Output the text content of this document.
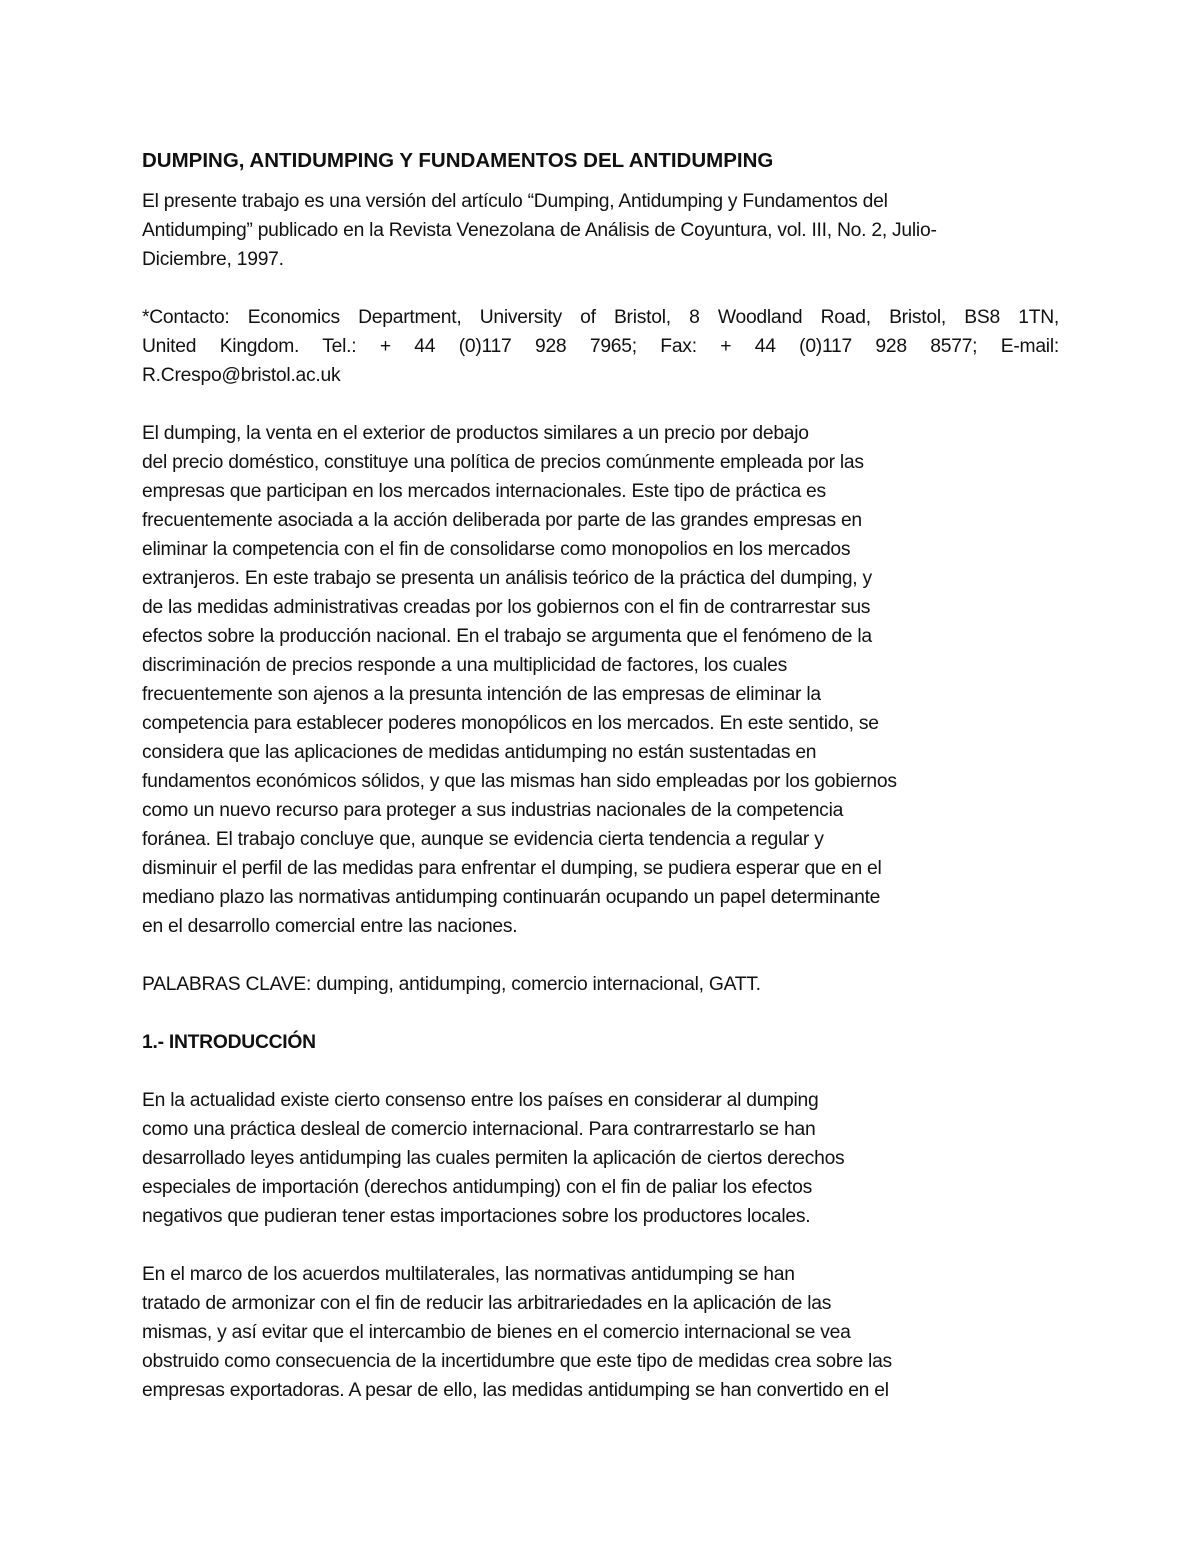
DUMPING, ANTIDUMPING Y FUNDAMENTOS DEL ANTIDUMPING

El presente trabajo es una versión del artículo “Dumping, Antidumping y Fundamentos del
Antidumping” publicado en la Revista Venezolana de Análisis de Coyuntura, vol. III, No. 2, Julio-
Diciembre, 1997.

*Contacto: Economics Department, University of Bristol, 8 Woodland Road, Bristol, BS8 1TN,
United Kingdom. Tel.: + 44 (0)117 928 7965; Fax: + 44 (0)117 928 8577; E-mail:
R.Crespo@bristol.ac.uk

El dumping, la venta en el exterior de productos similares a un precio por debajo
del precio doméstico, constituye una política de precios comúnmente empleada por las
empresas que participan en los mercados internacionales. Este tipo de práctica es
frecuentemente asociada a la acción deliberada por parte de las grandes empresas en
eliminar la competencia con el fin de consolidarse como monopolios en los mercados
extranjeros. En este trabajo se presenta un análisis teórico de la práctica del dumping, y
de las medidas administrativas creadas por los gobiernos con el fin de contrarrestar sus
efectos sobre la producción nacional. En el trabajo se argumenta que el fenómeno de la
discriminación de precios responde a una multiplicidad de factores, los cuales
frecuentemente son ajenos a la presunta intención de las empresas de eliminar la
competencia para establecer poderes monopólicos en los mercados. En este sentido, se
considera que las aplicaciones de medidas antidumping no están sustentadas en
fundamentos económicos sólidos, y que las mismas han sido empleadas por los gobiernos
como un nuevo recurso para proteger a sus industrias nacionales de la competencia
foránea. El trabajo concluye que, aunque se evidencia cierta tendencia a regular y
disminuir el perfil de las medidas para enfrentar el dumping, se pudiera esperar que en el
mediano plazo las normativas antidumping continuarán ocupando un papel determinante
en el desarrollo comercial entre las naciones.

PALABRAS CLAVE: dumping, antidumping, comercio internacional, GATT.

1.- INTRODUCCIÓN

En la actualidad existe cierto consenso entre los países en considerar al dumping
como una práctica desleal de comercio internacional. Para contrarrestarlo se han
desarrollado leyes antidumping las cuales permiten la aplicación de ciertos derechos
especiales de importación (derechos antidumping) con el fin de paliar los efectos
negativos que pudieran tener estas importaciones sobre los productores locales.

En el marco de los acuerdos multilaterales, las normativas antidumping se han
tratado de armonizar con el fin de reducir las arbitrariedades en la aplicación de las
mismas, y así evitar que el intercambio de bienes en el comercio internacional se vea
obstruido como consecuencia de la incertidumbre que este tipo de medidas crea sobre las
empresas exportadoras. A pesar de ello, las medidas antidumping se han convertido en el
